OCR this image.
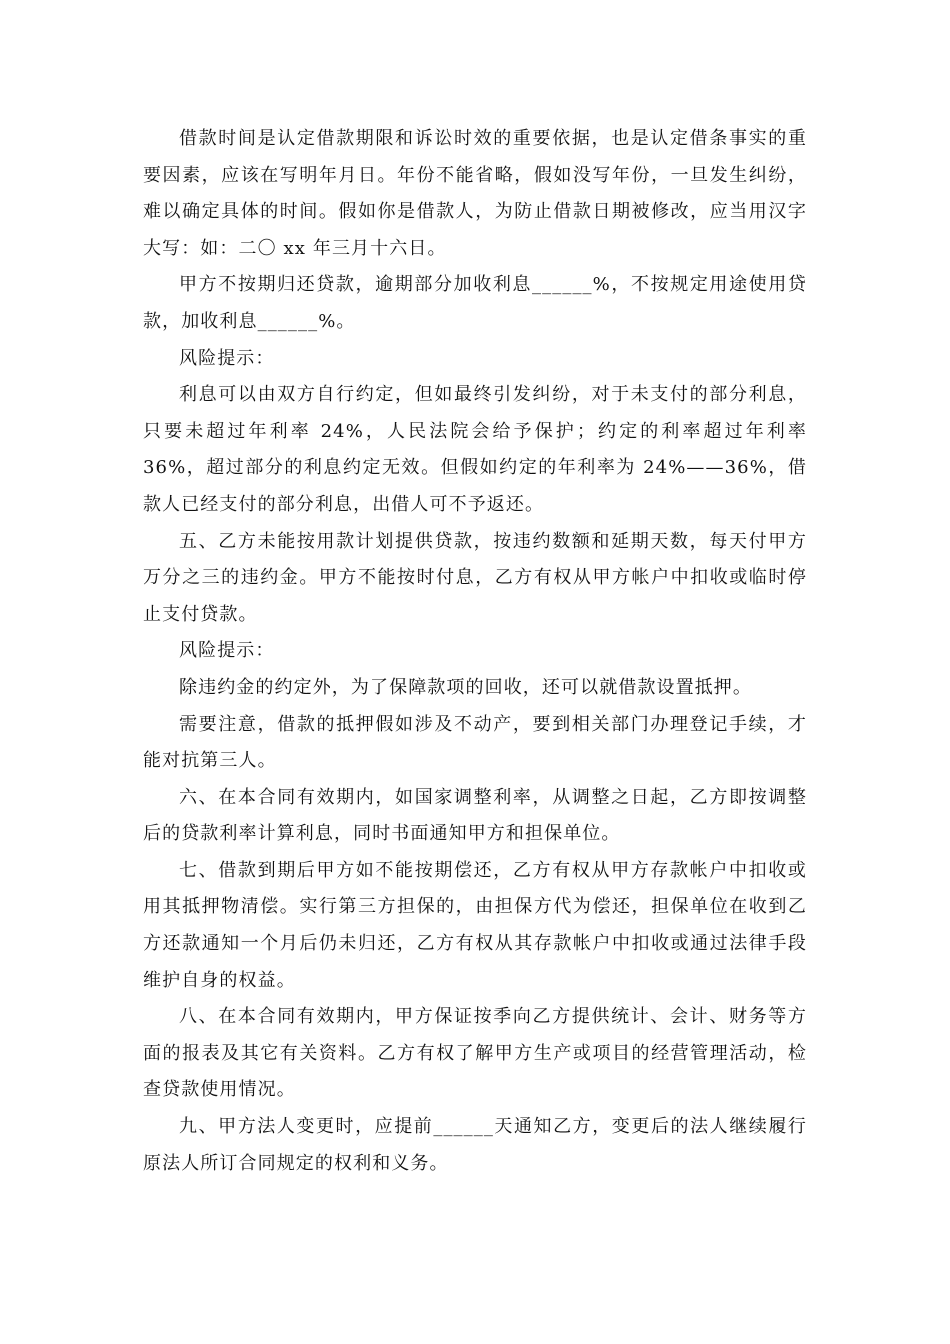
借款时间是认定借款期限和诉讼时效的重要依据，也是认定借条事实的重要因素，应该在写明年月日。年份不能省略，假如没写年份，一旦发生纠纷，难以确定具体的时间。假如你是借款人，为防止借款日期被修改，应当用汉字大写：如：二〇 xx 年三月十六日。

甲方不按期归还贷款，逾期部分加收利息______%，不按规定用途使用贷款，加收利息______%。

风险提示：

利息可以由双方自行约定，但如最终引发纠纷，对于未支付的部分利息，只要未超过年利率 24%，人民法院会给予保护；约定的利率超过年利率 36%，超过部分的利息约定无效。但假如约定的年利率为 24%——36%，借款人已经支付的部分利息，出借人可不予返还。

五、乙方未能按用款计划提供贷款，按违约数额和延期天数，每天付甲方万分之三的违约金。甲方不能按时付息，乙方有权从甲方帐户中扣收或临时停止支付贷款。

风险提示：

除违约金的约定外，为了保障款项的回收，还可以就借款设置抵押。

需要注意，借款的抵押假如涉及不动产，要到相关部门办理登记手续，才能对抗第三人。

六、在本合同有效期内，如国家调整利率，从调整之日起，乙方即按调整后的贷款利率计算利息，同时书面通知甲方和担保单位。

七、借款到期后甲方如不能按期偿还，乙方有权从甲方存款帐户中扣收或用其抵押物清偿。实行第三方担保的，由担保方代为偿还，担保单位在收到乙方还款通知一个月后仍未归还，乙方有权从其存款帐户中扣收或通过法律手段维护自身的权益。

八、在本合同有效期内，甲方保证按季向乙方提供统计、会计、财务等方面的报表及其它有关资料。乙方有权了解甲方生产或项目的经营管理活动，检查贷款使用情况。

九、甲方法人变更时，应提前______天通知乙方，变更后的法人继续履行原法人所订合同规定的权利和义务。
